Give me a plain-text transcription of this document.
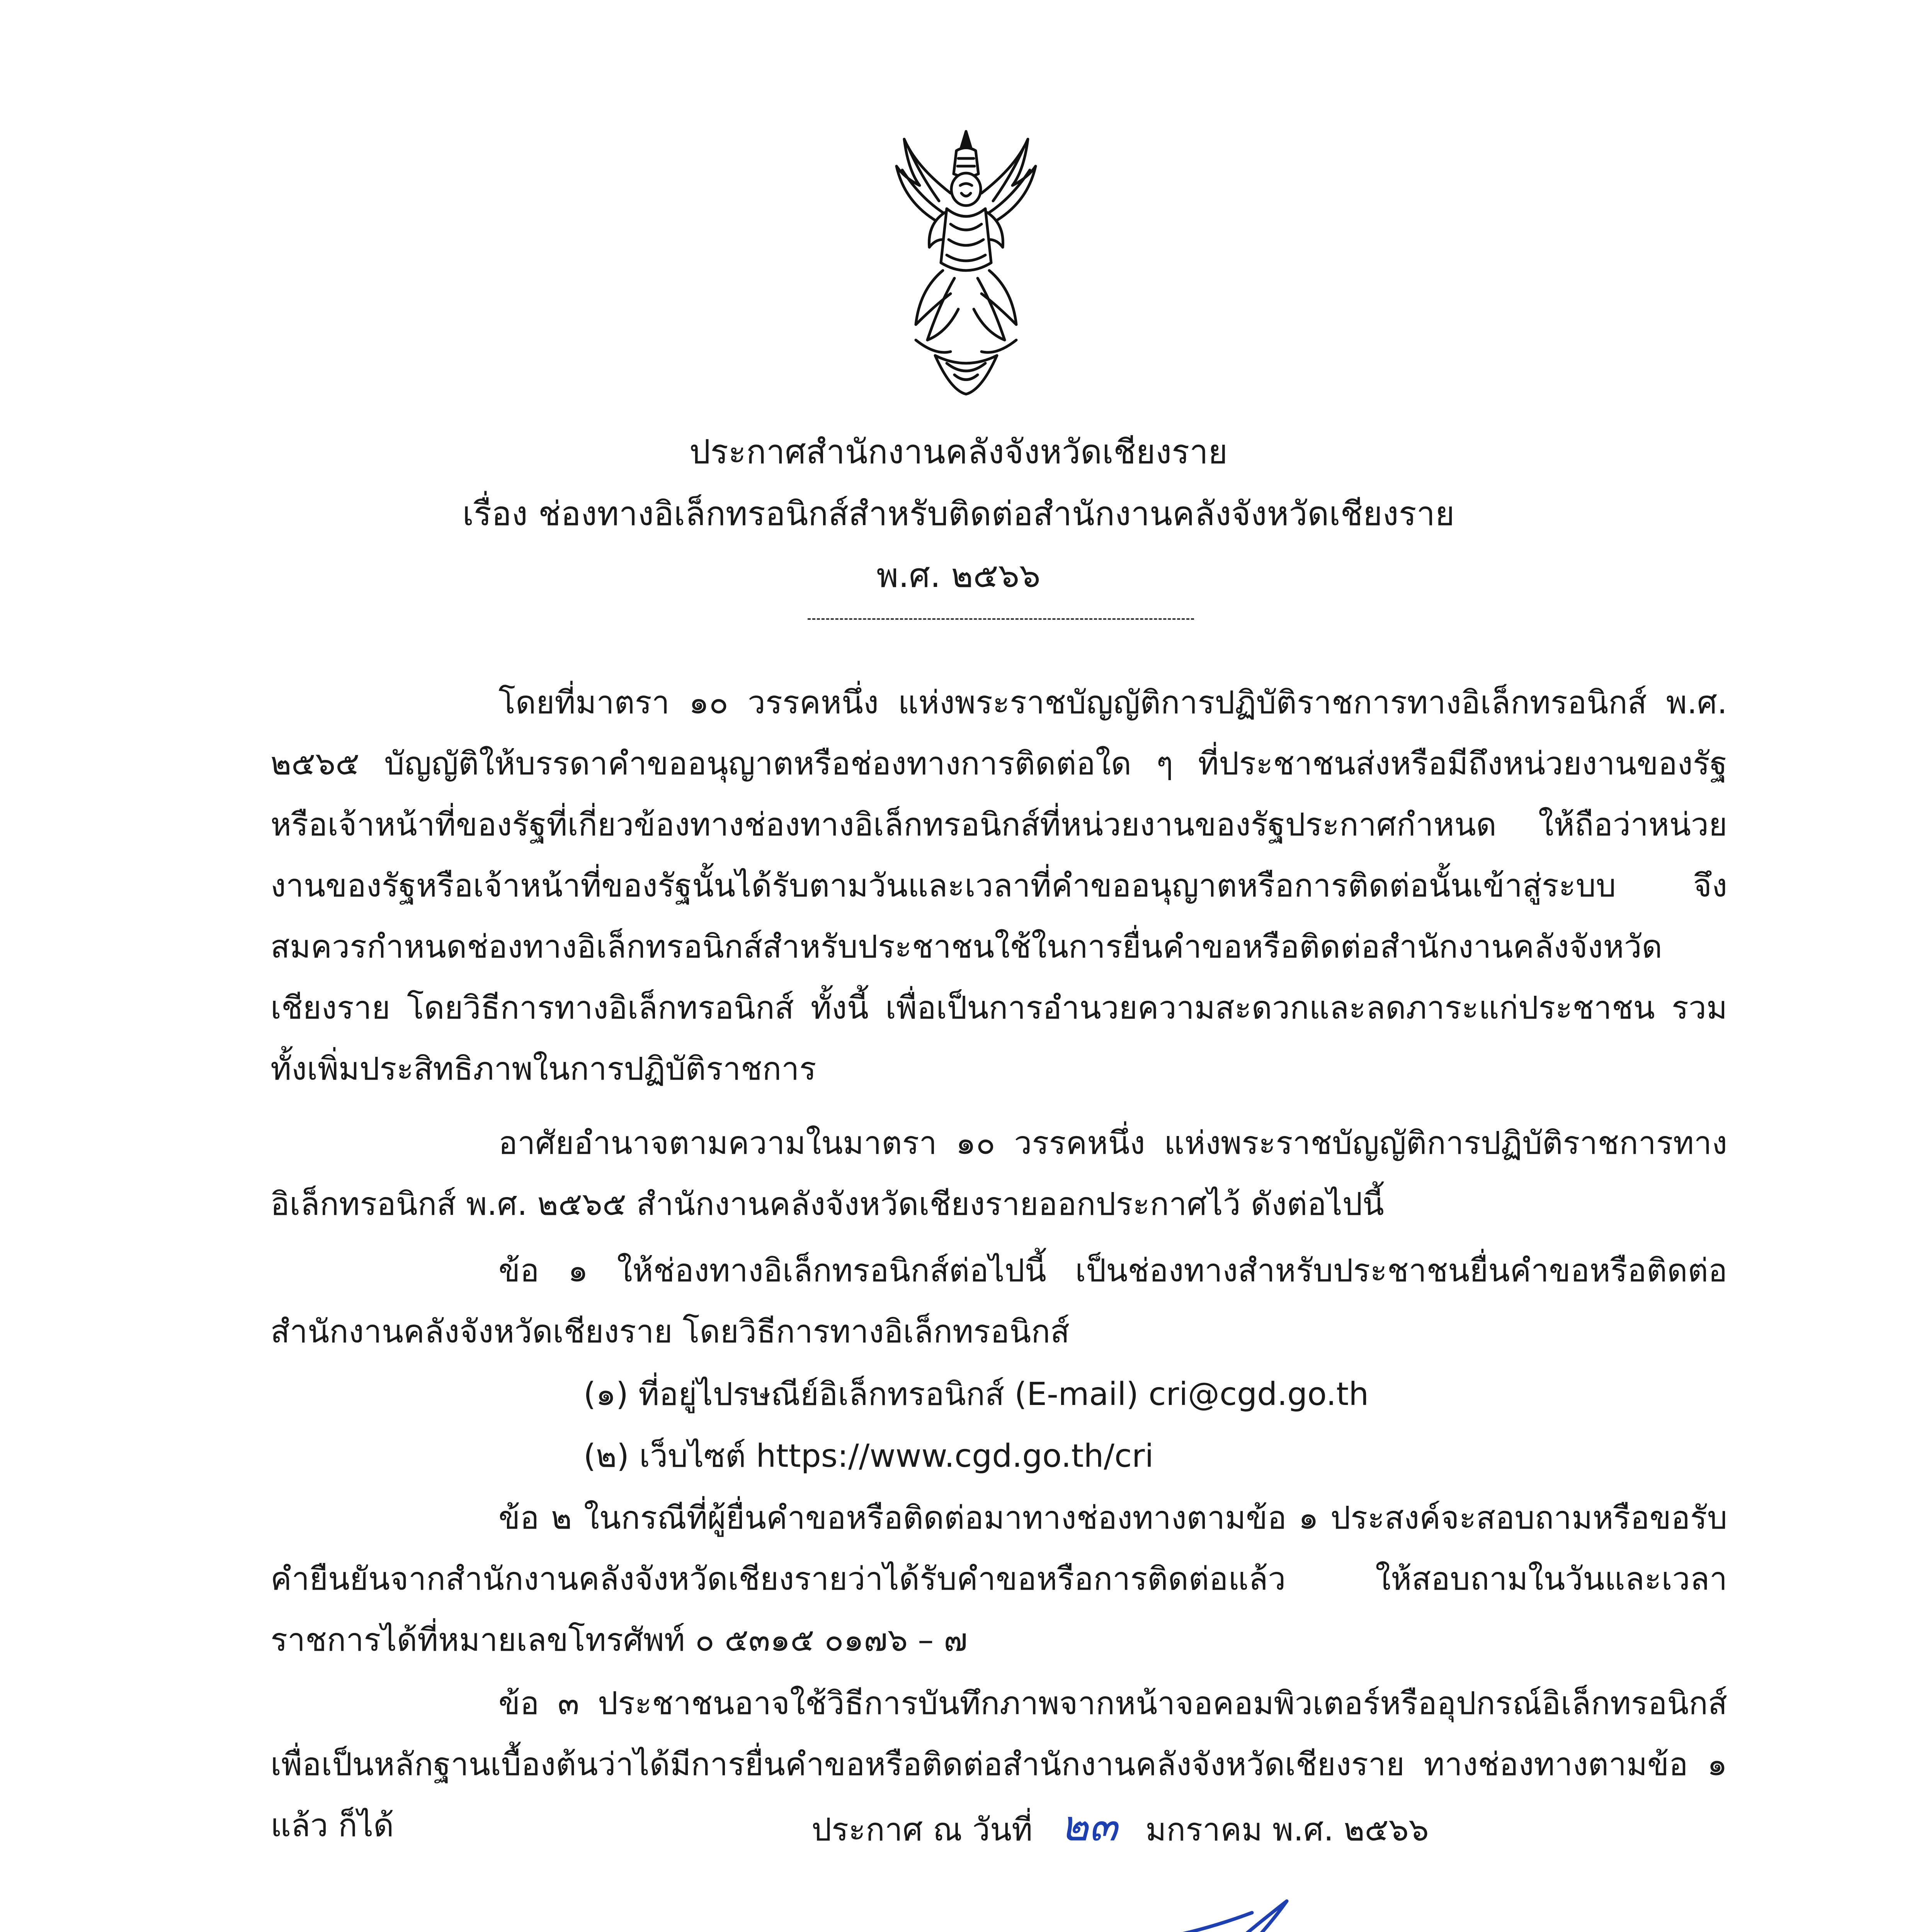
ประกาศสำนักงานคลังจังหวัดเชียงราย
เรื่อง ช่องทางอิเล็กทรอนิกส์สำหรับติดต่อสำนักงานคลังจังหวัดเชียงราย
พ.ศ. ๒๕๖๖
โดยที่มาตรา ๑๐ วรรคหนึ่ง แห่งพระราชบัญญัติการปฏิบัติราชการทางอิเล็กทรอนิกส์ พ.ศ. ๒๕๖๕ บัญญัติให้บรรดาคำขออนุญาตหรือช่องทางการติดต่อใด ๆ ที่ประชาชนส่งหรือมีถึงหน่วยงานของรัฐหรือเจ้าหน้าที่ของรัฐที่เกี่ยวข้องทางช่องทางอิเล็กทรอนิกส์ที่หน่วยงานของรัฐประกาศกำหนด ให้ถือว่าหน่วยงานของรัฐหรือเจ้าหน้าที่ของรัฐนั้นได้รับตามวันและเวลาที่คำขออนุญาตหรือการติดต่อนั้นเข้าสู่ระบบ จึงสมควรกำหนดช่องทางอิเล็กทรอนิกส์สำหรับประชาชนใช้ในการยื่นคำขอหรือติดต่อสำนักงานคลังจังหวัดเชียงราย โดยวิธีการทางอิเล็กทรอนิกส์ ทั้งนี้ เพื่อเป็นการอำนวยความสะดวกและลดภาระแก่ประชาชน รวมทั้งเพิ่มประสิทธิภาพในการปฏิบัติราชการ
อาศัยอำนาจตามความในมาตรา ๑๐ วรรคหนึ่ง แห่งพระราชบัญญัติการปฏิบัติราชการทางอิเล็กทรอนิกส์ พ.ศ. ๒๕๖๕ สำนักงานคลังจังหวัดเชียงรายออกประกาศไว้ ดังต่อไปนี้
ข้อ ๑ ให้ช่องทางอิเล็กทรอนิกส์ต่อไปนี้ เป็นช่องทางสำหรับประชาชนยื่นคำขอหรือติดต่อสำนักงานคลังจังหวัดเชียงราย โดยวิธีการทางอิเล็กทรอนิกส์
(๑) ที่อยู่ไปรษณีย์อิเล็กทรอนิกส์ (E-mail) cri@cgd.go.th
(๒) เว็บไซต์ https://www.cgd.go.th/cri
ข้อ ๒ ในกรณีที่ผู้ยื่นคำขอหรือติดต่อมาทางช่องทางตามข้อ ๑ ประสงค์จะสอบถามหรือขอรับคำยืนยันจากสำนักงานคลังจังหวัดเชียงรายว่าได้รับคำขอหรือการติดต่อแล้ว ให้สอบถามในวันและเวลาราชการได้ที่หมายเลขโทรศัพท์ ๐ ๕๓๑๕ ๐๑๗๖ – ๗
ข้อ ๓ ประชาชนอาจใช้วิธีการบันทึกภาพจากหน้าจอคอมพิวเตอร์หรืออุปกรณ์อิเล็กทรอนิกส์เพื่อเป็นหลักฐานเบื้องต้นว่าได้มีการยื่นคำขอหรือติดต่อสำนักงานคลังจังหวัดเชียงราย ทางช่องทางตามข้อ ๑ แล้ว ก็ได้	ประกาศ ณ วันที่ ๒๓ มกราคม พ.ศ. ๒๕๖๖
